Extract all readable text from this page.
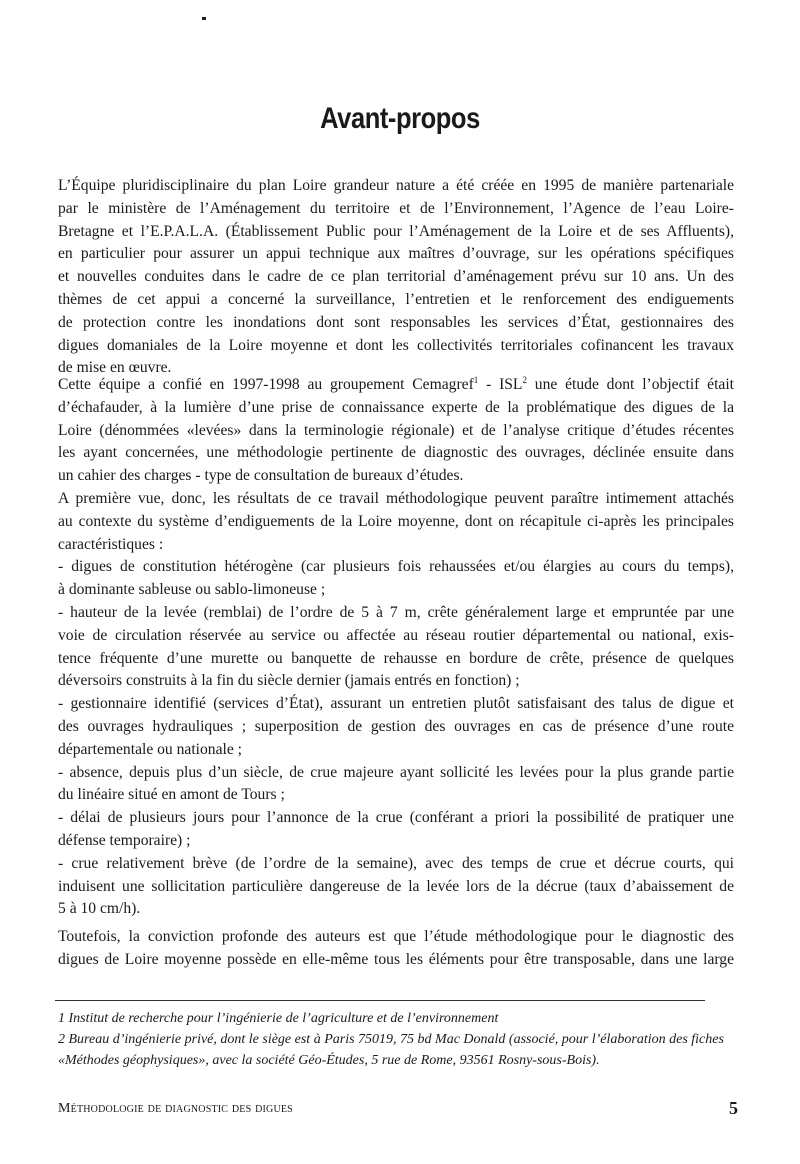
Avant-propos
L’Équipe pluridisciplinaire du plan Loire grandeur nature a été créée en 1995 de manière partenariale
par le ministère de l’Aménagement du territoire et de l’Environnement, l’Agence de l’eau Loire-
Bretagne et l’E.P.A.L.A. (Établissement Public pour l’Aménagement de la Loire et de ses Affluents),
en particulier pour assurer un appui technique aux maîtres d’ouvrage, sur les opérations spécifiques
et nouvelles conduites dans le cadre de ce plan territorial d’aménagement prévu sur 10 ans. Un des
thèmes de cet appui a concerné la surveillance, l’entretien et le renforcement des endiguements
de protection contre les inondations dont sont responsables les services d’État, gestionnaires des
digues domaniales de la Loire moyenne et dont les collectivités territoriales cofinancent les travaux
de mise en œuvre.
Cette équipe a confié en 1997-1998 au groupement Cemagref$^1$ - ISL$^2$ une étude dont l’objectif était
d’échafauder, à la lumière d’une prise de connaissance experte de la problématique des digues de la
Loire (dénommées «levées» dans la terminologie régionale) et de l’analyse critique d’études récentes
les ayant concernées, une méthodologie pertinente de diagnostic des ouvrages, déclinée ensuite dans
un cahier des charges - type de consultation de bureaux d’études.
A première vue, donc, les résultats de ce travail méthodologique peuvent paraître intimement attachés
au contexte du système d’endiguements de la Loire moyenne, dont on récapitule ci-après les principales
caractéristiques :
- digues de constitution hétérogène (car plusieurs fois rehaussées et/ou élargies au cours du temps),
à dominante sableuse ou sablo-limoneuse ;
- hauteur de la levée (remblai) de l’ordre de 5 à 7 m, crête généralement large et empruntée par une
voie de circulation réservée au service ou affectée au réseau routier départemental ou national, exis-
tence fréquente d’une murette ou banquette de rehausse en bordure de crête, présence de quelques
déversoirs construits à la fin du siècle dernier (jamais entrés en fonction) ;
- gestionnaire identifié (services d’État), assurant un entretien plutôt satisfaisant des talus de digue et
des ouvrages hydrauliques ; superposition de gestion des ouvrages en cas de présence d’une route
départementale ou nationale ;
- absence, depuis plus d’un siècle, de crue majeure ayant sollicité les levées pour la plus grande partie
du linéaire situé en amont de Tours ;
- délai de plusieurs jours pour l’annonce de la crue (conférant a priori la possibilité de pratiquer une
défense temporaire) ;
- crue relativement brève (de l’ordre de la semaine), avec des temps de crue et décrue courts, qui
induisent une sollicitation particulière dangereuse de la levée lors de la décrue (taux d’abaissement de
5 à 10 cm/h).
Toutefois, la conviction profonde des auteurs est que l’étude méthodologique pour le diagnostic des
digues de Loire moyenne possède en elle-même tous les éléments pour être transposable, dans une large
1 Institut de recherche pour l’ingénierie de l’agriculture et de l’environnement
2 Bureau d’ingénierie privé, dont le siège est à Paris 75019, 75 bd Mac Donald (associé, pour l’élaboration des fiches
«Méthodes géophysiques», avec la société Géo-Études, 5 rue de Rome, 93561 Rosny-sous-Bois).
Méthodologie de diagnostic des digues	5
